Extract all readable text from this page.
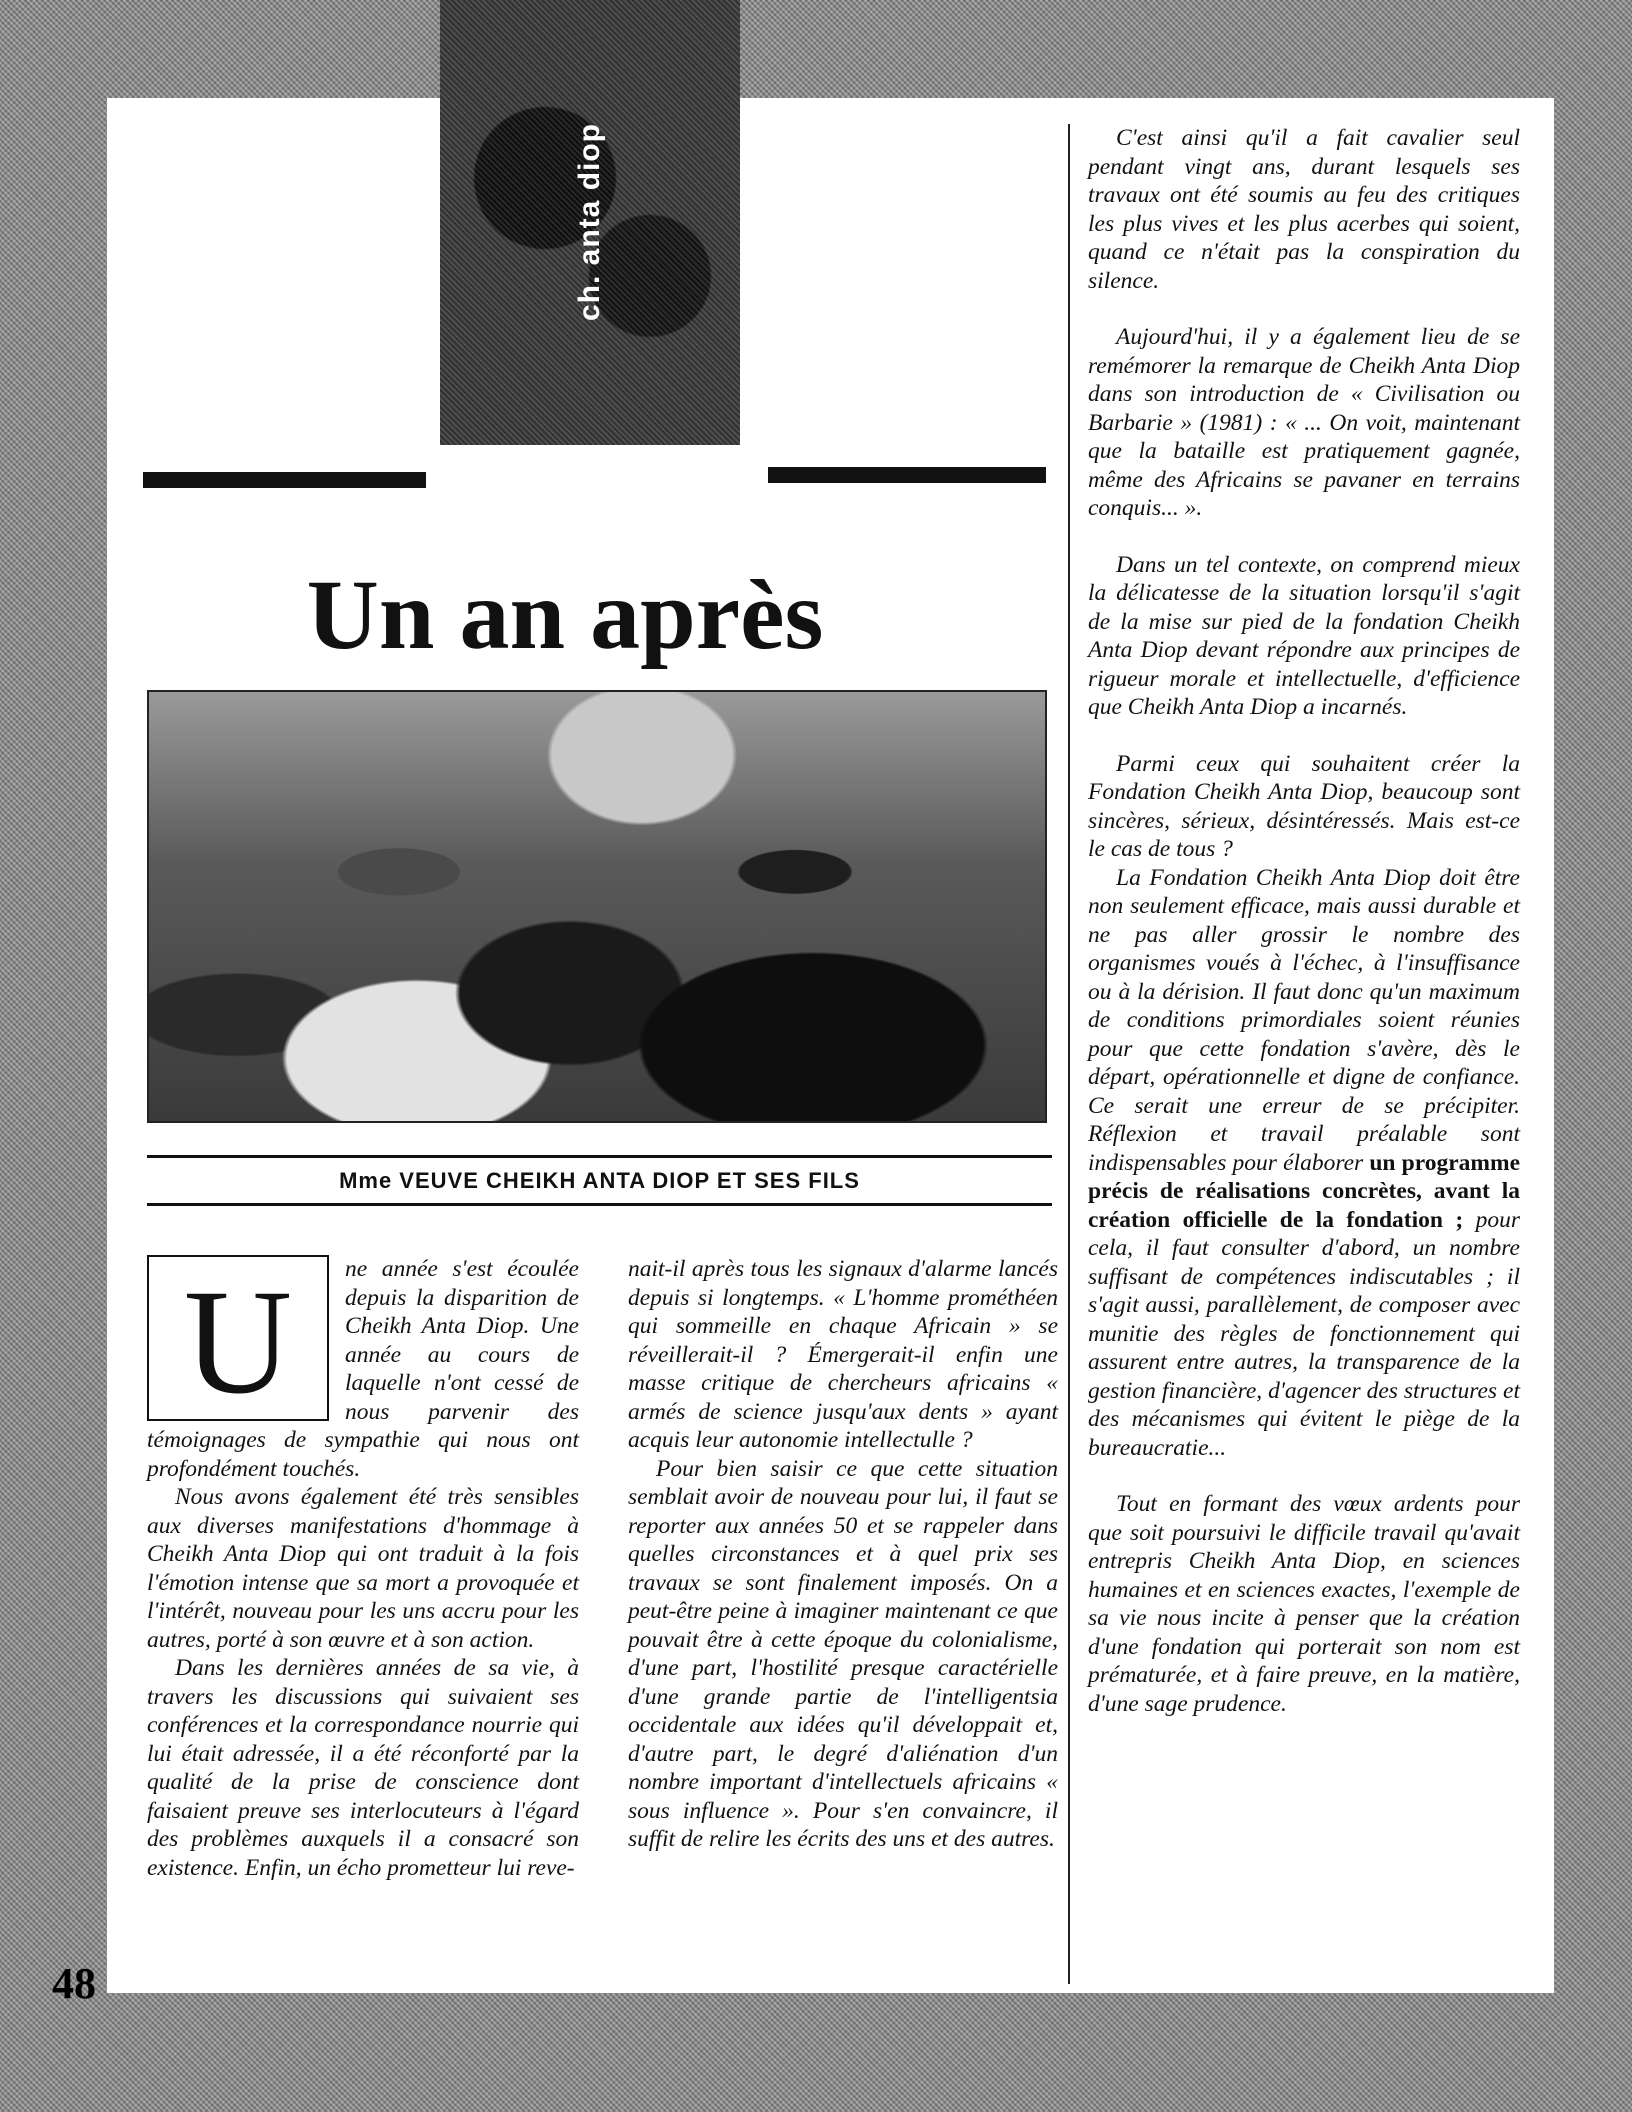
ch. anta diop
Un an après
Mme VEUVE CHEIKH ANTA DIOP ET SES FILS
U	ne année s'est écoulée depuis la disparition de Cheikh Anta Diop. Une année au cours de laquelle n'ont cessé de nous parvenir des témoignages de sympathie qui nous ont profondément touchés.

Nous avons également été très sensibles aux diverses manifestations d'hommage à Cheikh Anta Diop qui ont traduit à la fois l'émotion intense que sa mort a provoquée et l'intérêt, nouveau pour les uns accru pour les autres, porté à son œuvre et à son action.

Dans les dernières années de sa vie, à travers les discussions qui suivaient ses conférences et la correspondance nourrie qui lui était adressée, il a été réconforté par la qualité de la prise de conscience dont faisaient preuve ses interlocuteurs à l'égard des problèmes auxquels il a consacré son existence. Enfin, un écho prometteur lui reve-

nait-il après tous les signaux d'alarme lancés depuis si longtemps. « L'homme prométhéen qui sommeille en chaque Africain » se réveillerait-il ? Émergerait-il enfin une masse critique de chercheurs africains « armés de science jusqu'aux dents » ayant acquis leur autonomie intellectulle ?

Pour bien saisir ce que cette situation semblait avoir de nouveau pour lui, il faut se reporter aux années 50 et se rappeler dans quelles circonstances et à quel prix ses travaux se sont finalement imposés. On a peut-être peine à imaginer maintenant ce que pouvait être à cette époque du colonialisme, d'une part, l'hostilité presque caractérielle d'une grande partie de l'intelligentsia occidentale aux idées qu'il développait et, d'autre part, le degré d'aliénation d'un nombre important d'intellectuels africains « sous influence ». Pour s'en convaincre, il suffit de relire les écrits des uns et des autres.

C'est ainsi qu'il a fait cavalier seul pendant vingt ans, durant lesquels ses travaux ont été soumis au feu des critiques les plus vives et les plus acerbes qui soient, quand ce n'était pas la conspiration du silence.

Aujourd'hui, il y a également lieu de se remémorer la remarque de Cheikh Anta Diop dans son introduction de « Civilisation ou Barbarie » (1981) : « ... On voit, maintenant que la bataille est pratiquement gagnée, même des Africains se pavaner en terrains conquis... ».

Dans un tel contexte, on comprend mieux la délicatesse de la situation lorsqu'il s'agit de la mise sur pied de la fondation Cheikh Anta Diop devant répondre aux principes de rigueur morale et intellectuelle, d'efficience que Cheikh Anta Diop a incarnés.

Parmi ceux qui souhaitent créer la Fondation Cheikh Anta Diop, beaucoup sont sincères, sérieux, désintéressés. Mais est-ce le cas de tous ?

La Fondation Cheikh Anta Diop doit être non seulement efficace, mais aussi durable et ne pas aller grossir le nombre des organismes voués à l'échec, à l'insuffisance ou à la dérision. Il faut donc qu'un maximum de conditions primordiales soient réunies pour que cette fondation s'avère, dès le départ, opérationnelle et digne de confiance. Ce serait une erreur de se précipiter. Réflexion et travail préalable sont indispensables pour élaborer un programme précis de réalisations concrètes, avant la création officielle de la fondation ; pour cela, il faut consulter d'abord, un nombre suffisant de compétences indiscutables ; il s'agit aussi, parallèlement, de composer avec munitie des règles de fonctionnement qui assurent entre autres, la transparence de la gestion financière, d'agencer des structures et des mécanismes qui évitent le piège de la bureaucratie...

Tout en formant des vœux ardents pour que soit poursuivi le difficile travail qu'avait entrepris Cheikh Anta Diop, en sciences humaines et en sciences exactes, l'exemple de sa vie nous incite à penser que la création d'une fondation qui porterait son nom est prématurée, et à faire preuve, en la matière, d'une sage prudence.

48
